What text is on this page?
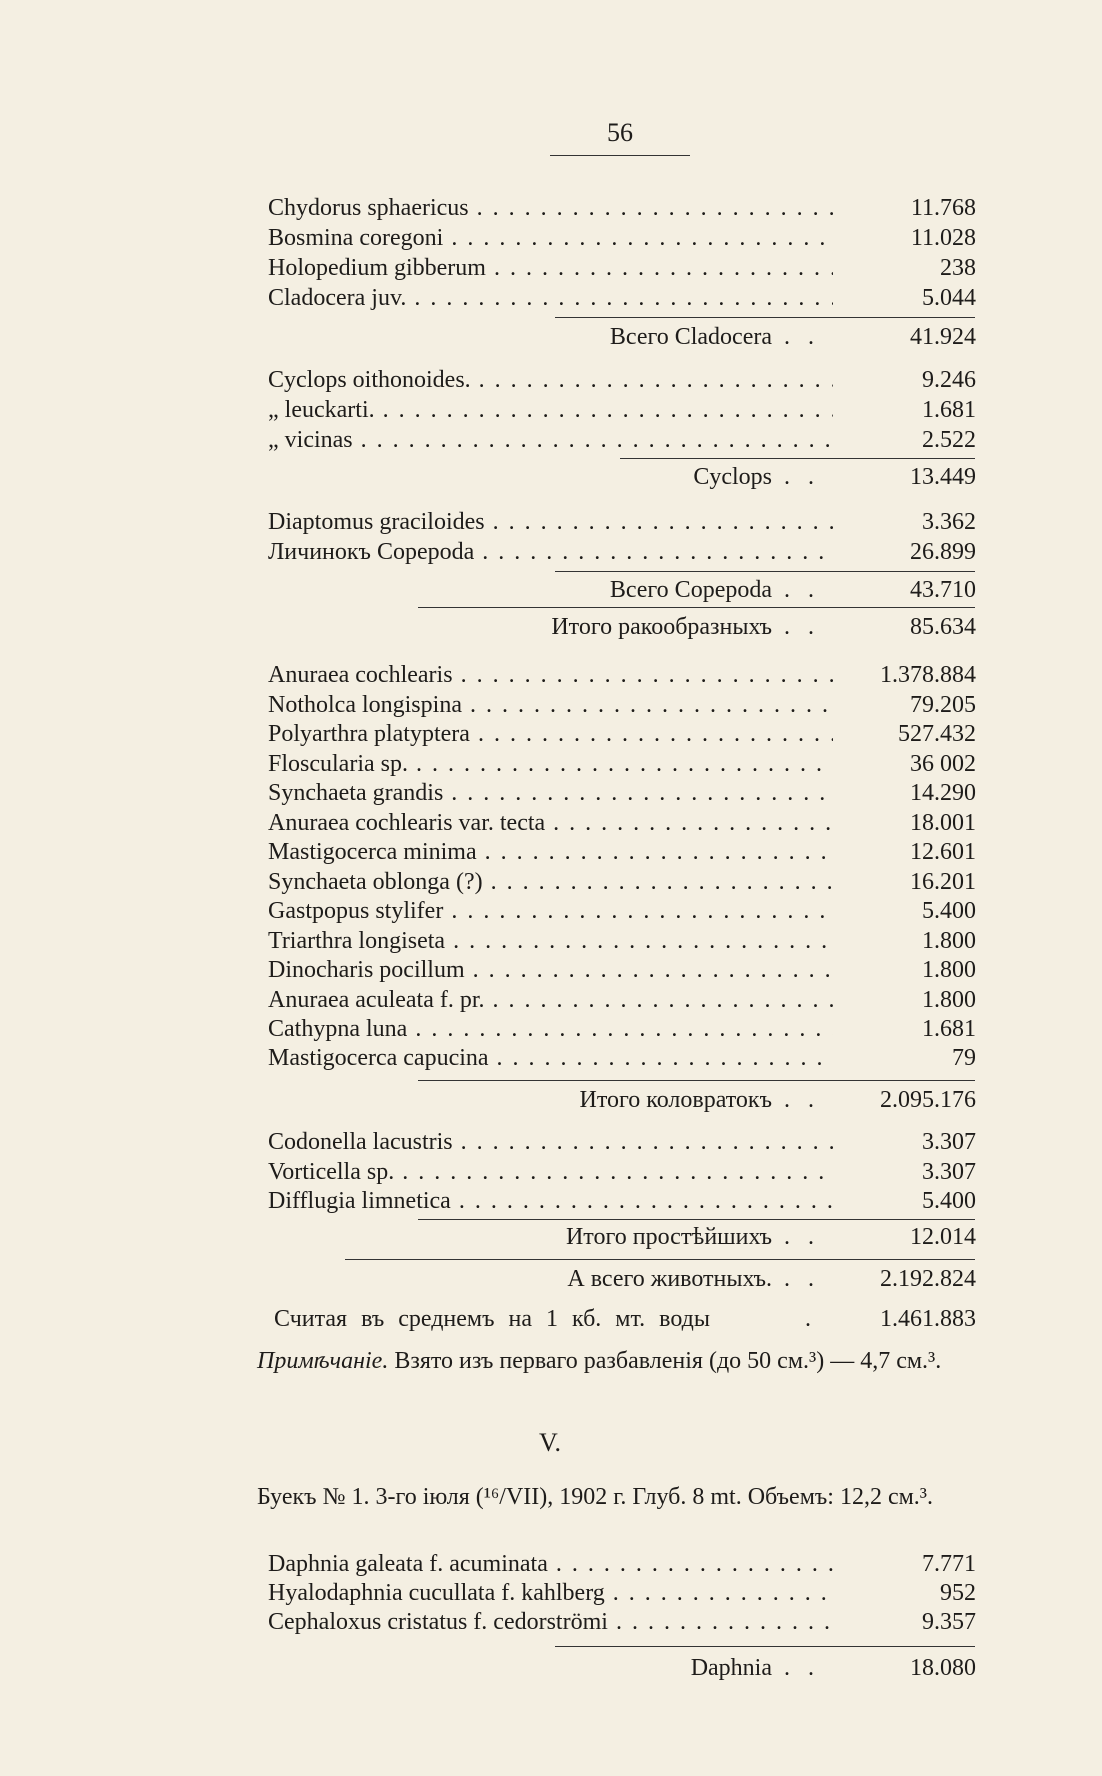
56
Chydorus sphaericus . . .	11.768
Bosmina coregoni . . .	11.028
Holopedium gibberum . . .	238
Cladocera juv. . . .	5.044
Всего Cladocera . .	41.924
Cyclops oithonoides. . . .	9.246
„ leuckarti. . . .	1.681
„ vicinas . . .	2.522
Cyclops . .	13.449
Diaptomus graciloides . . .	3.362
Личинокъ Copepoda . . .	26.899
Всего Copepoda . .	43.710
Итого ракообразныхъ . .	85.634
Anuraea cochlearis . . .	1.378.884
Notholca longispina . . .	79.205
Polyarthra platyptera . . .	527.432
Floscularia sp. . . .	36 002
Synchaeta grandis . . .	14.290
Anuraea cochlearis var. tecta . . .	18.001
Mastigocerca minima . . .	12.601
Synchaeta oblonga (?) . . .	16.201
Gastpopus stylifer . . .	5.400
Triarthra longiseta . . .	1.800
Dinocharis pocillum . . .	1.800
Anuraea aculeata f. pr. . . .	1.800
Cathypna luna . . .	1.681
Mastigocerca capucina . . .	79
Итого коловратокъ . .	2.095.176
Codonella lacustris . . .	3.307
Vorticella sp. . . .	3.307
Difflugia limnetica . . .	5.400
Итого простѣйшихъ . .	12.014
А всего животныхъ. . .	2.192.824
Считая въ среднемъ на 1 кб. мт. воды	.	1.461.883
Примѣчаніе. Взято изъ перваго разбавленія (до 50 см.³) — 4,7 см.³.
V.
Буекъ № 1. 3-го іюля (¹⁶/VII), 1902 г. Глуб. 8 mt. Объемъ: 12,2 см.³.
Daphnia galeata f. acuminata . . .	7.771
Hyalodaphnia cucullata f. kahlberg . . .	952
Cephaloxus cristatus f. cedorströmi . . .	9.357
Daphnia . .	18.080
